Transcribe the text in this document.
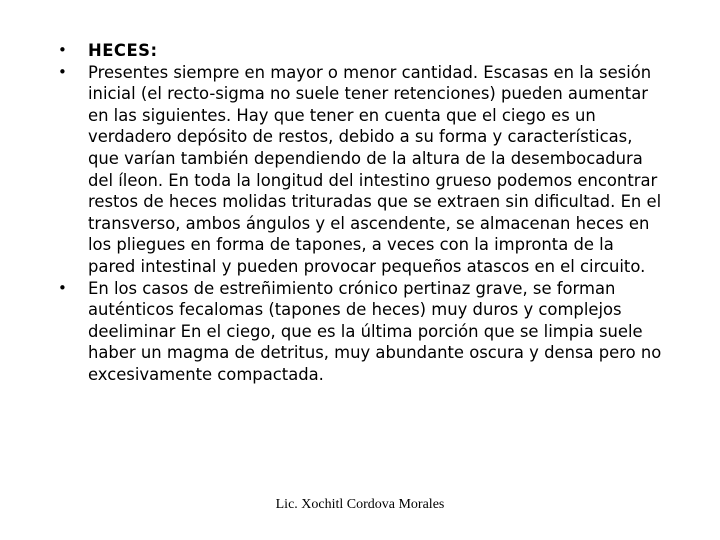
•	HECES:
•	Presentes siempre en mayor o menor cantidad. Escasas en la sesión inicial (el recto-sigma no suele tener retenciones) pueden aumentar en las siguientes. Hay que tener en cuenta que el ciego es un verdadero depósito de restos, debido a su forma y características, que varían también dependiendo de la altura de la desembocadura del íleon. En toda la longitud del intestino grueso podemos encontrar restos de heces molidas trituradas que se extraen sin dificultad. En el transverso, ambos ángulos y el ascendente, se almacenan heces en los pliegues en forma de tapones, a veces con la impronta de la pared intestinal y pueden provocar pequeños atascos en el circuito.
•	En los casos de estreñimiento crónico pertinaz grave, se forman auténticos fecalomas (tapones de heces) muy duros y complejos deeliminar En el ciego, que es la última porción que se limpia suele haber un magma de detritus, muy abundante oscura y densa pero no excesivamente compactada.
Lic. Xochitl Cordova Morales
